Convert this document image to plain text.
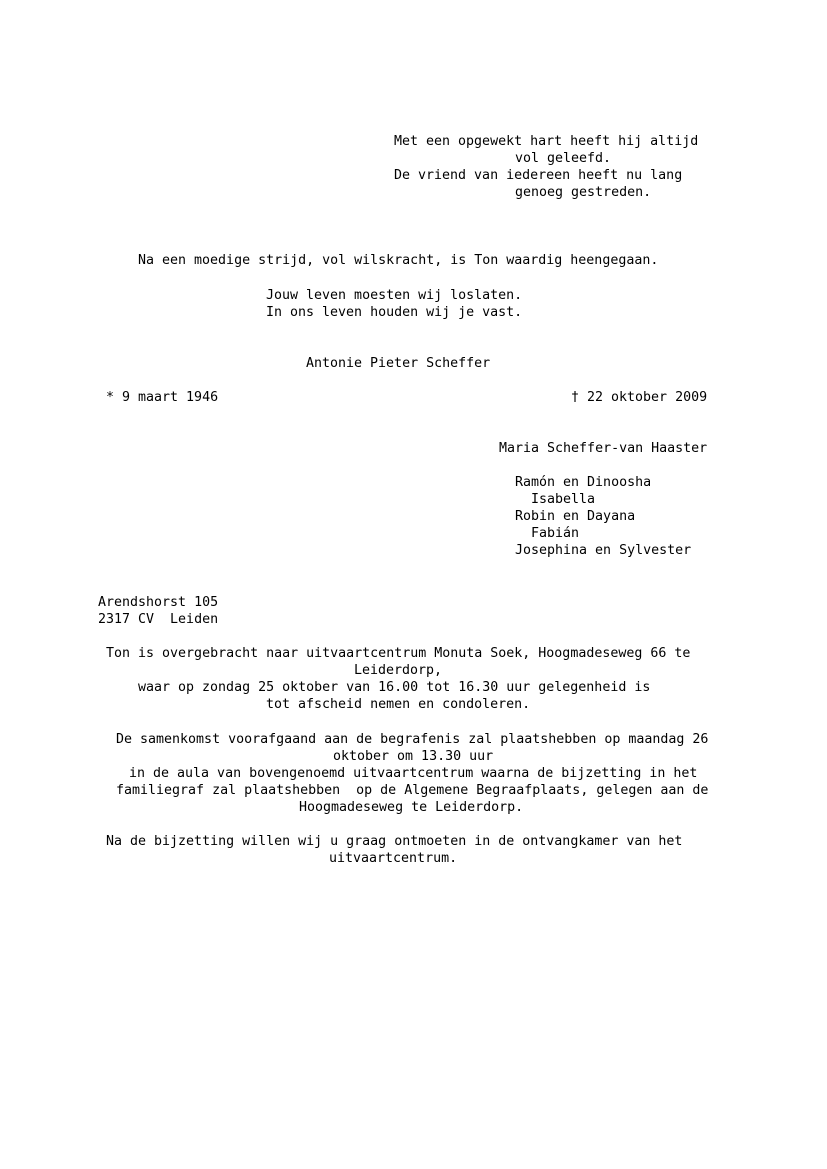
Met een opgewekt hart heeft hij altijd
vol geleefd.
De vriend van iedereen heeft nu lang
genoeg gestreden.
Na een moedige strijd, vol wilskracht, is Ton waardig heengegaan.
Jouw leven moesten wij loslaten.
In ons leven houden wij je vast.
Antonie Pieter Scheffer
* 9 maart 1946	† 22 oktober 2009
Maria Scheffer-van Haaster
Ramón en Dinoosha
Isabella
Robin en Dayana
Fabián
Josephina en Sylvester
Arendshorst 105
2317 CV  Leiden
Ton is overgebracht naar uitvaartcentrum Monuta Soek, Hoogmadeseweg 66 te
Leiderdorp,
waar op zondag 25 oktober van 16.00 tot 16.30 uur gelegenheid is
tot afscheid nemen en condoleren.
De samenkomst voorafgaand aan de begrafenis zal plaatshebben op maandag 26
oktober om 13.30 uur
in de aula van bovengenoemd uitvaartcentrum waarna de bijzetting in het
familiegraf zal plaatshebben  op de Algemene Begraafplaats, gelegen aan de
Hoogmadeseweg te Leiderdorp.
Na de bijzetting willen wij u graag ontmoeten in de ontvangkamer van het
uitvaartcentrum.
